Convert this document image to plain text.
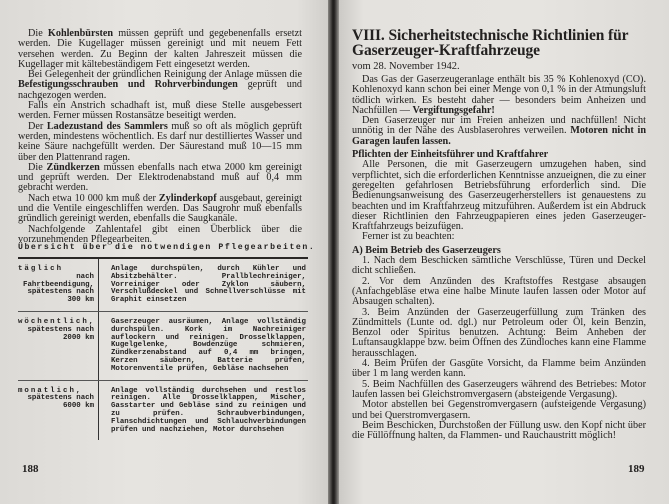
Die Kohlenbürsten müssen geprüft und gegebenenfalls ersetzt werden. Die Kugellager müssen gereinigt und mit neuem Fett versehen werden. Zu Beginn der kalten Jahreszeit müssen die Kugellager mit kältebeständigem Fett eingesetzt werden.

Bei Gelegenheit der gründlichen Reinigung der Anlage müssen die Befestigungsschrauben und Rohrverbindungen geprüft und nachgezogen werden.

Falls ein Anstrich schadhaft ist, muß diese Stelle ausgebessert werden. Ferner müssen Rostansätze beseitigt werden.

Der Ladezustand des Sammlers muß so oft als möglich geprüft werden, mindestens wöchentlich. Es darf nur destilliertes Wasser und keine Säure nachgefüllt werden. Der Säurestand muß 10—15 mm über den Plattenrand ragen.

Die Zündkerzen müssen ebenfalls nach etwa 2000 km gereinigt und geprüft werden. Der Elektrodenabstand muß auf 0,4 mm gebracht werden.

Nach etwa 10 000 km muß der Zylinderkopf ausgebaut, gereinigt und die Ventile eingeschliffen werden. Das Saugrohr muß ebenfalls gründlich gereinigt werden, ebenfalls die Saugkanäle.

Nachfolgende Zahlentafel gibt einen Überblick über die vorzunehmenden Pflegearbeiten.

Übersicht über die notwendigen Pflegearbeiten.
täglich
nach Fahrtbeendigung, spätestens nach 300 km
Anlage durchspülen, durch Kühler und Absitzbehälter. Prallblechreiniger, Vorreiniger oder Zyklon säubern, Verschlußdeckel und Schnellverschlüsse mit Graphit einsetzen
wöchentlich,
spätestens nach 2000 km
Gaserzeuger ausräumen, Anlage vollständig durchspülen. Kork im Nachreiniger auflockern und reinigen. Drosselklappen, Kugelgelenke, Bowdenzüge schmieren, Zündkerzenabstand auf 0,4 mm bringen, Kerzen säubern, Batterie prüfen, Motorenventile prüfen, Gebläse nachsehen
monatlich,
spätestens nach 6000 km
Anlage vollständig durchsehen und restlos reinigen. Alle Drosselklappen, Mischer, Gasstarter und Gebläse sind zu reinigen und zu prüfen. Schraubverbindungen, Flanschdichtungen und Schlauchverbindungen prüfen und nachziehen, Motor durchsehen
188
VIII. Sicherheitstechnische Richtlinien für Gaserzeuger-Kraftfahrzeuge
vom 28. November 1942.

Das Gas der Gaserzeugeranlage enthält bis 35 % Kohlenoxyd (CO). Kohlenoxyd kann schon bei einer Menge von 0,1 % in der Atmungsluft tödlich wirken. Es besteht daher — besonders beim Anheizen und Nachfüllen — Vergiftungsgefahr!

Den Gaserzeuger nur im Freien anheizen und nachfüllen! Nicht unnötig in der Nähe des Ausblaserohres verweilen. Motoren nicht in Garagen laufen lassen.

Pflichten der Einheitsführer und Kraftfahrer

Alle Personen, die mit Gaserzeugern umzugehen haben, sind verpflichtet, sich die erforderlichen Kenntnisse anzueignen, die zu einer geregelten gefahrlosen Betriebsführung erforderlich sind. Die Bedienungsanweisung des Gaserzeugerherstellers ist genauestens zu beachten und im Kraftfahrzeug mitzuführen. Außerdem ist ein Abdruck dieser Richtlinien den Fahrzeugpapieren eines jeden Gaserzeuger-Kraftfahrzeugs beizufügen.

Ferner ist zu beachten:

A) Beim Betrieb des Gaserzeugers

1. Nach dem Beschicken sämtliche Verschlüsse, Türen und Deckel dicht schließen.

2. Vor dem Anzünden des Kraftstoffes Restgase absaugen (Anfachgebläse etwa eine halbe Minute laufen lassen oder Motor auf Absaugen schalten).

3. Beim Anzünden der Gaserzeugerfüllung zum Tränken des Zündmittels (Lunte od. dgl.) nur Petroleum oder Öl, kein Benzin, Benzol oder Spiritus benutzen. Achtung: Beim Anheben der Luftansaugklappe bzw. beim Öffnen des Zündloches kann eine Flamme herausschlagen.

4. Beim Prüfen der Gasgüte Vorsicht, da Flamme beim Anzünden über 1 m lang werden kann.

5. Beim Nachfüllen des Gaserzeugers während des Betriebes: Motor laufen lassen bei Gleichstromvergasern (absteigende Vergasung).

Motor abstellen bei Gegenstromvergasern (aufsteigende Vergasung) und bei Querstromvergasern.

Beim Beschicken, Durchstoßen der Füllung usw. den Kopf nicht über die Füllöffnung halten, da Flammen- und Rauchaustritt möglich!

189
